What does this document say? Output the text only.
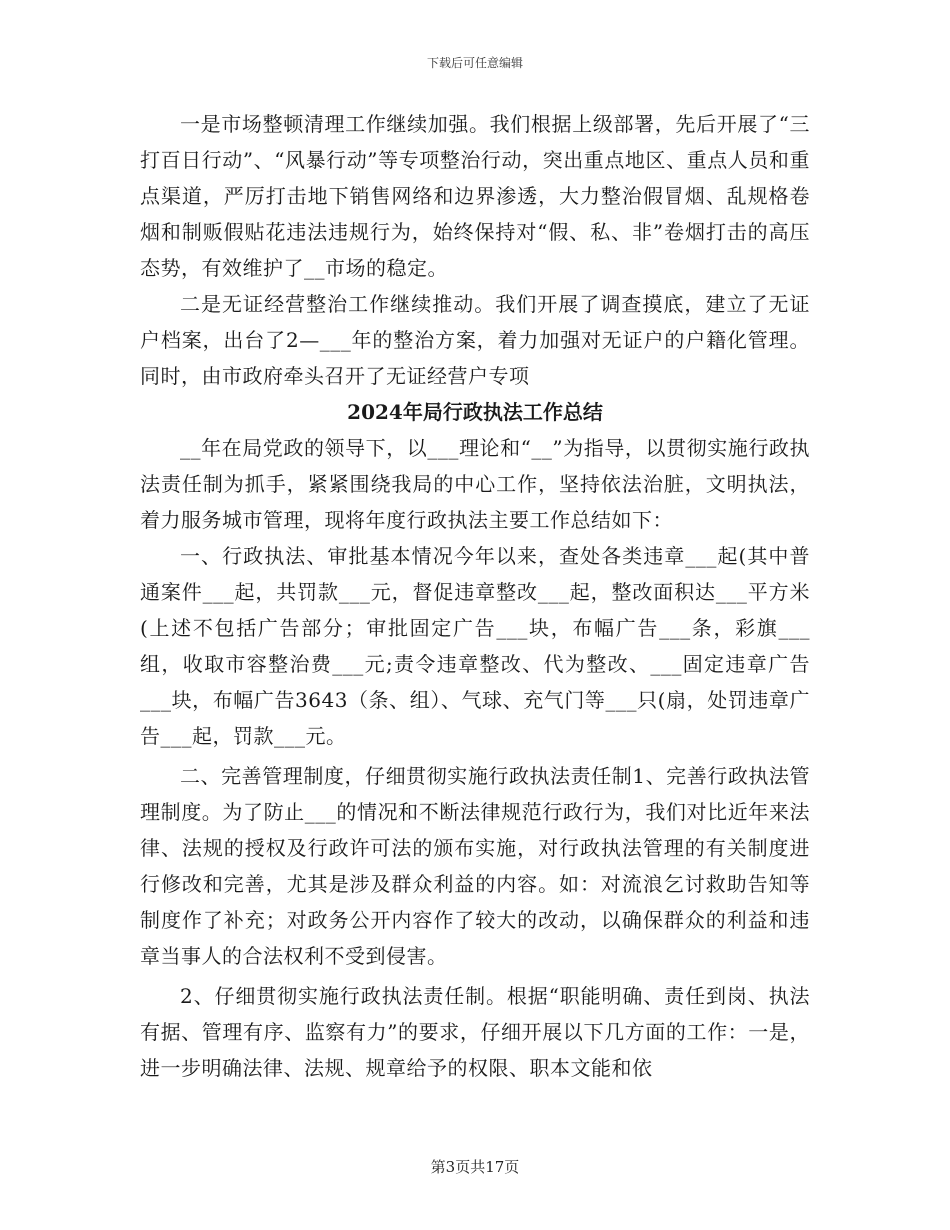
下载后可任意编辑

一是市场整顿清理工作继续加强。我们根据上级部署，先后开展了“三打百日行动”、“风暴行动”等专项整治行动，突出重点地区、重点人员和重点渠道，严厉打击地下销售网络和边界渗透，大力整治假冒烟、乱规格卷烟和制贩假贴花违法违规行为，始终保持对“假、私、非”卷烟打击的高压态势，有效维护了__市场的稳定。

二是无证经营整治工作继续推动。我们开展了调查摸底，建立了无证户档案，出台了2—___年的整治方案，着力加强对无证户的户籍化管理。同时，由市政府牵头召开了无证经营户专项

2024年局行政执法工作总结

__年在局党政的领导下，以___理论和“__”为指导，以贯彻实施行政执法责任制为抓手，紧紧围绕我局的中心工作，坚持依法治脏，文明执法，着力服务城市管理，现将年度行政执法主要工作总结如下：

一、行政执法、审批基本情况今年以来，查处各类违章___起(其中普通案件___起，共罚款___元，督促违章整改___起，整改面积达___平方米(上述不包括广告部分；审批固定广告___块，布幅广告___条，彩旗___组，收取市容整治费___元;责令违章整改、代为整改、___固定违章广告___块，布幅广告3643（条、组）、气球、充气门等___只(扇，处罚违章广告___起，罚款___元。

二、完善管理制度，仔细贯彻实施行政执法责任制1、完善行政执法管理制度。为了防止___的情况和不断法律规范行政行为，我们对比近年来法律、法规的授权及行政许可法的颁布实施，对行政执法管理的有关制度进行修改和完善，尤其是涉及群众利益的内容。如：对流浪乞讨救助告知等制度作了补充；对政务公开内容作了较大的改动，以确保群众的利益和违章当事人的合法权利不受到侵害。

2、仔细贯彻实施行政执法责任制。根据“职能明确、责任到岗、执法有据、管理有序、监察有力”的要求，仔细开展以下几方面的工作：一是，进一步明确法律、法规、规章给予的权限、职本文能和依

第3页共17页
